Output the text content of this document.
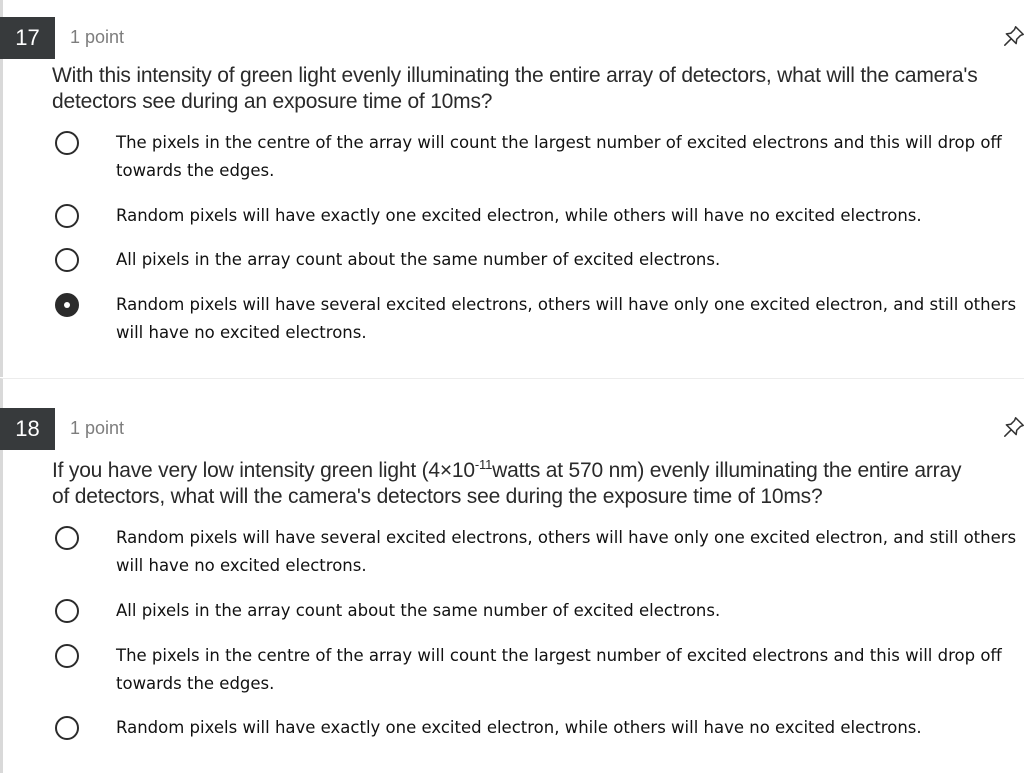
17	1 point
With this intensity of green light evenly illuminating the entire array of detectors, what will the camera's detectors see during an exposure time of 10ms?
The pixels in the centre of the array will count the largest number of excited electrons and this will drop off towards the edges.
Random pixels will have exactly one excited electron, while others will have no excited electrons.
All pixels in the array count about the same number of excited electrons.
Random pixels will have several excited electrons, others will have only one excited electron, and still others will have no excited electrons.
18	1 point
If you have very low intensity green light ($4\times 10^{-11}watts$ at 570 nm) evenly illuminating the entire array of detectors, what will the camera's detectors see during the exposure time of 10ms?
Random pixels will have several excited electrons, others will have only one excited electron, and still others will have no excited electrons.
All pixels in the array count about the same number of excited electrons.
The pixels in the centre of the array will count the largest number of excited electrons and this will drop off towards the edges.
Random pixels will have exactly one excited electron, while others will have no excited electrons.
